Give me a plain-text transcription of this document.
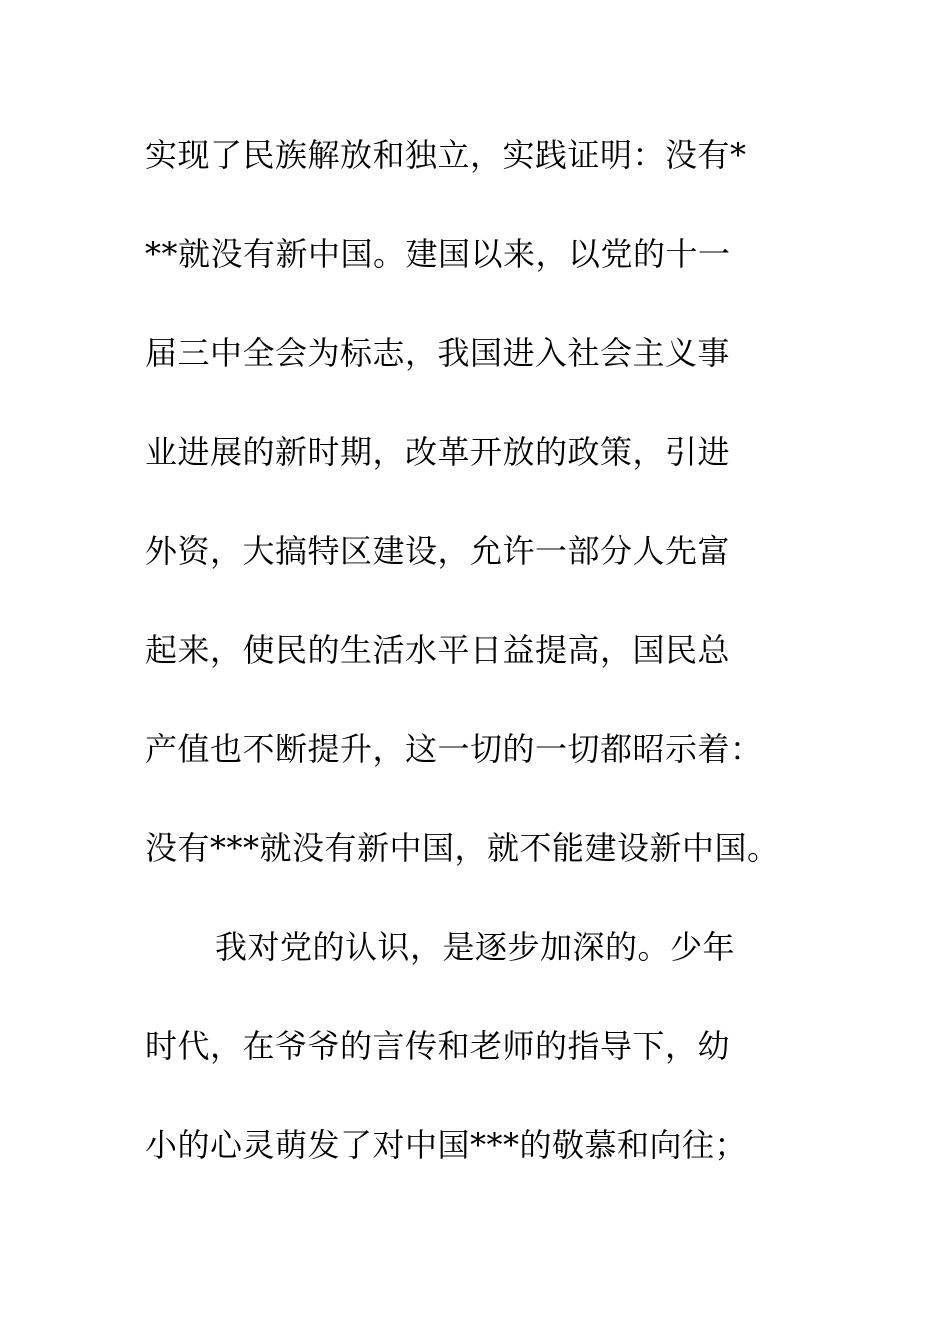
实现了民族解放和独立，实践证明：没有*
**就没有新中国。建国以来，以党的十一
届三中全会为标志，我国进入社会主义事
业进展的新时期，改革开放的政策，引进
外资，大搞特区建设，允许一部分人先富
起来，使民的生活水平日益提高，国民总
产值也不断提升，这一切的一切都昭示着：
没有***就没有新中国，就不能建设新中国。
我对党的认识，是逐步加深的。少年
时代，在爷爷的言传和老师的指导下，幼
小的心灵萌发了对中国***的敬慕和向往；
